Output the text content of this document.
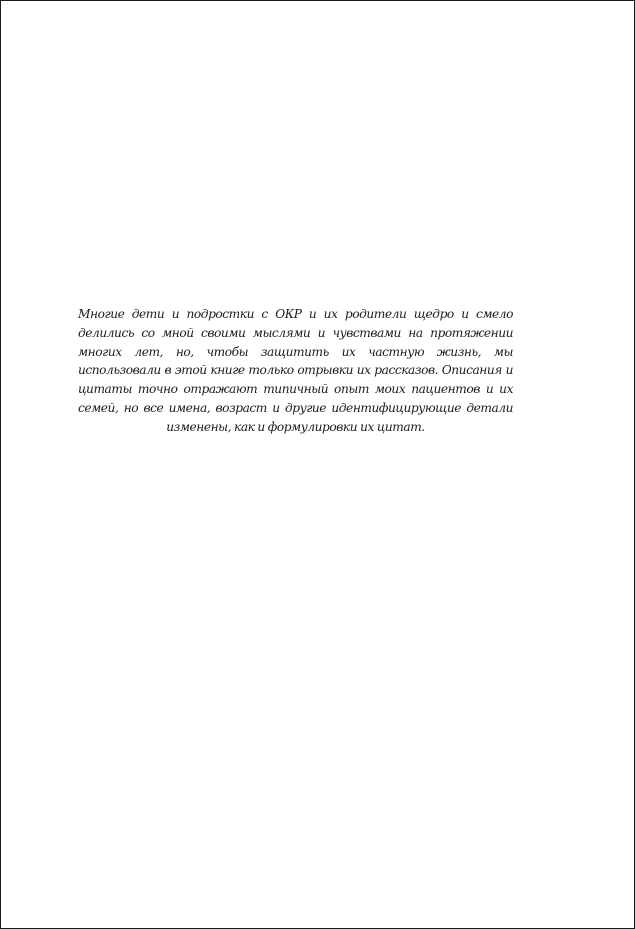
Многие дети и подростки с ОКР и их родители щедро и смело делились со мной своими мыслями и чувствами на протяжении многих лет, но, чтобы защитить их частную жизнь, мы использовали в этой книге только отрывки их рассказов. Описания и цитаты точно отражают типичный опыт моих пациентов и их семей, но все имена, возраст и другие идентифицирующие детали изменены, как и формулировки их цитат.
